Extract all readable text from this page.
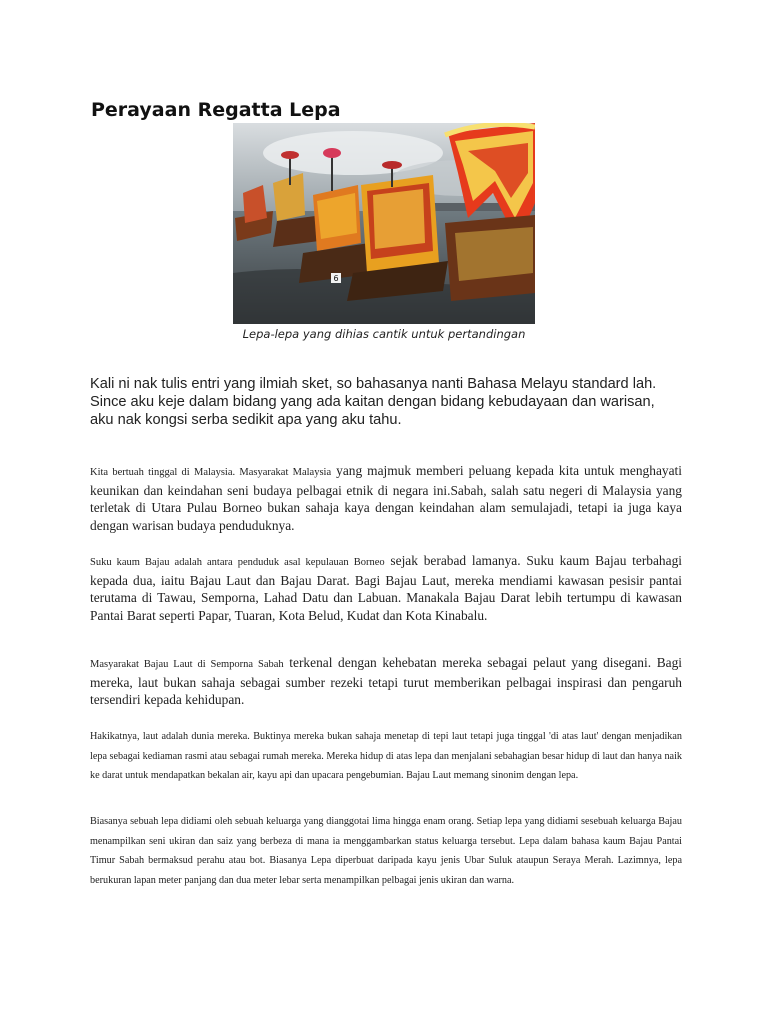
Perayaan Regatta Lepa
6
Lepa-lepa yang dihias cantik untuk pertandingan
Kali ni nak tulis entri yang ilmiah sket, so bahasanya nanti Bahasa Melayu standard lah. Since aku keje dalam bidang yang ada kaitan dengan bidang kebudayaan dan warisan, aku nak kongsi serba sedikit apa yang aku tahu.
Kita bertuah tinggal di Malaysia. Masyarakat Malaysia yang majmuk memberi peluang kepada kita untuk menghayati keunikan dan keindahan seni budaya pelbagai etnik di negara ini.Sabah, salah satu negeri di Malaysia yang terletak di Utara Pulau Borneo bukan sahaja kaya dengan keindahan alam semulajadi, tetapi ia juga kaya dengan warisan budaya penduduknya.
Suku kaum Bajau adalah antara penduduk asal kepulauan Borneo sejak berabad lamanya. Suku kaum Bajau terbahagi kepada dua, iaitu Bajau Laut dan Bajau Darat. Bagi Bajau Laut, mereka mendiami kawasan pesisir pantai terutama di Tawau, Semporna, Lahad Datu dan Labuan. Manakala Bajau Darat lebih tertumpu di kawasan Pantai Barat seperti Papar, Tuaran, Kota Belud, Kudat dan Kota Kinabalu.
Masyarakat Bajau Laut di Semporna Sabah terkenal dengan kehebatan mereka sebagai pelaut yang disegani. Bagi mereka, laut bukan sahaja sebagai sumber rezeki tetapi turut memberikan pelbagai inspirasi dan pengaruh tersendiri kepada kehidupan.
Hakikatnya, laut adalah dunia mereka. Buktinya mereka bukan sahaja menetap di tepi laut tetapi juga tinggal 'di atas laut' dengan menjadikan lepa sebagai kediaman rasmi atau sebagai rumah mereka. Mereka hidup di atas lepa dan menjalani sebahagian besar hidup di laut dan hanya naik ke darat untuk mendapatkan bekalan air, kayu api dan upacara pengebumian. Bajau Laut memang sinonim dengan lepa.
Biasanya sebuah lepa didiami oleh sebuah keluarga yang dianggotai lima hingga enam orang. Setiap lepa yang didiami sesebuah keluarga Bajau menampilkan seni ukiran dan saiz yang berbeza di mana ia menggambarkan status keluarga tersebut. Lepa dalam bahasa kaum Bajau Pantai Timur Sabah bermaksud perahu atau bot. Biasanya Lepa diperbuat daripada kayu jenis Ubar Suluk ataupun Seraya Merah. Lazimnya, lepa berukuran lapan meter panjang dan dua meter lebar serta menampilkan pelbagai jenis ukiran dan warna.
